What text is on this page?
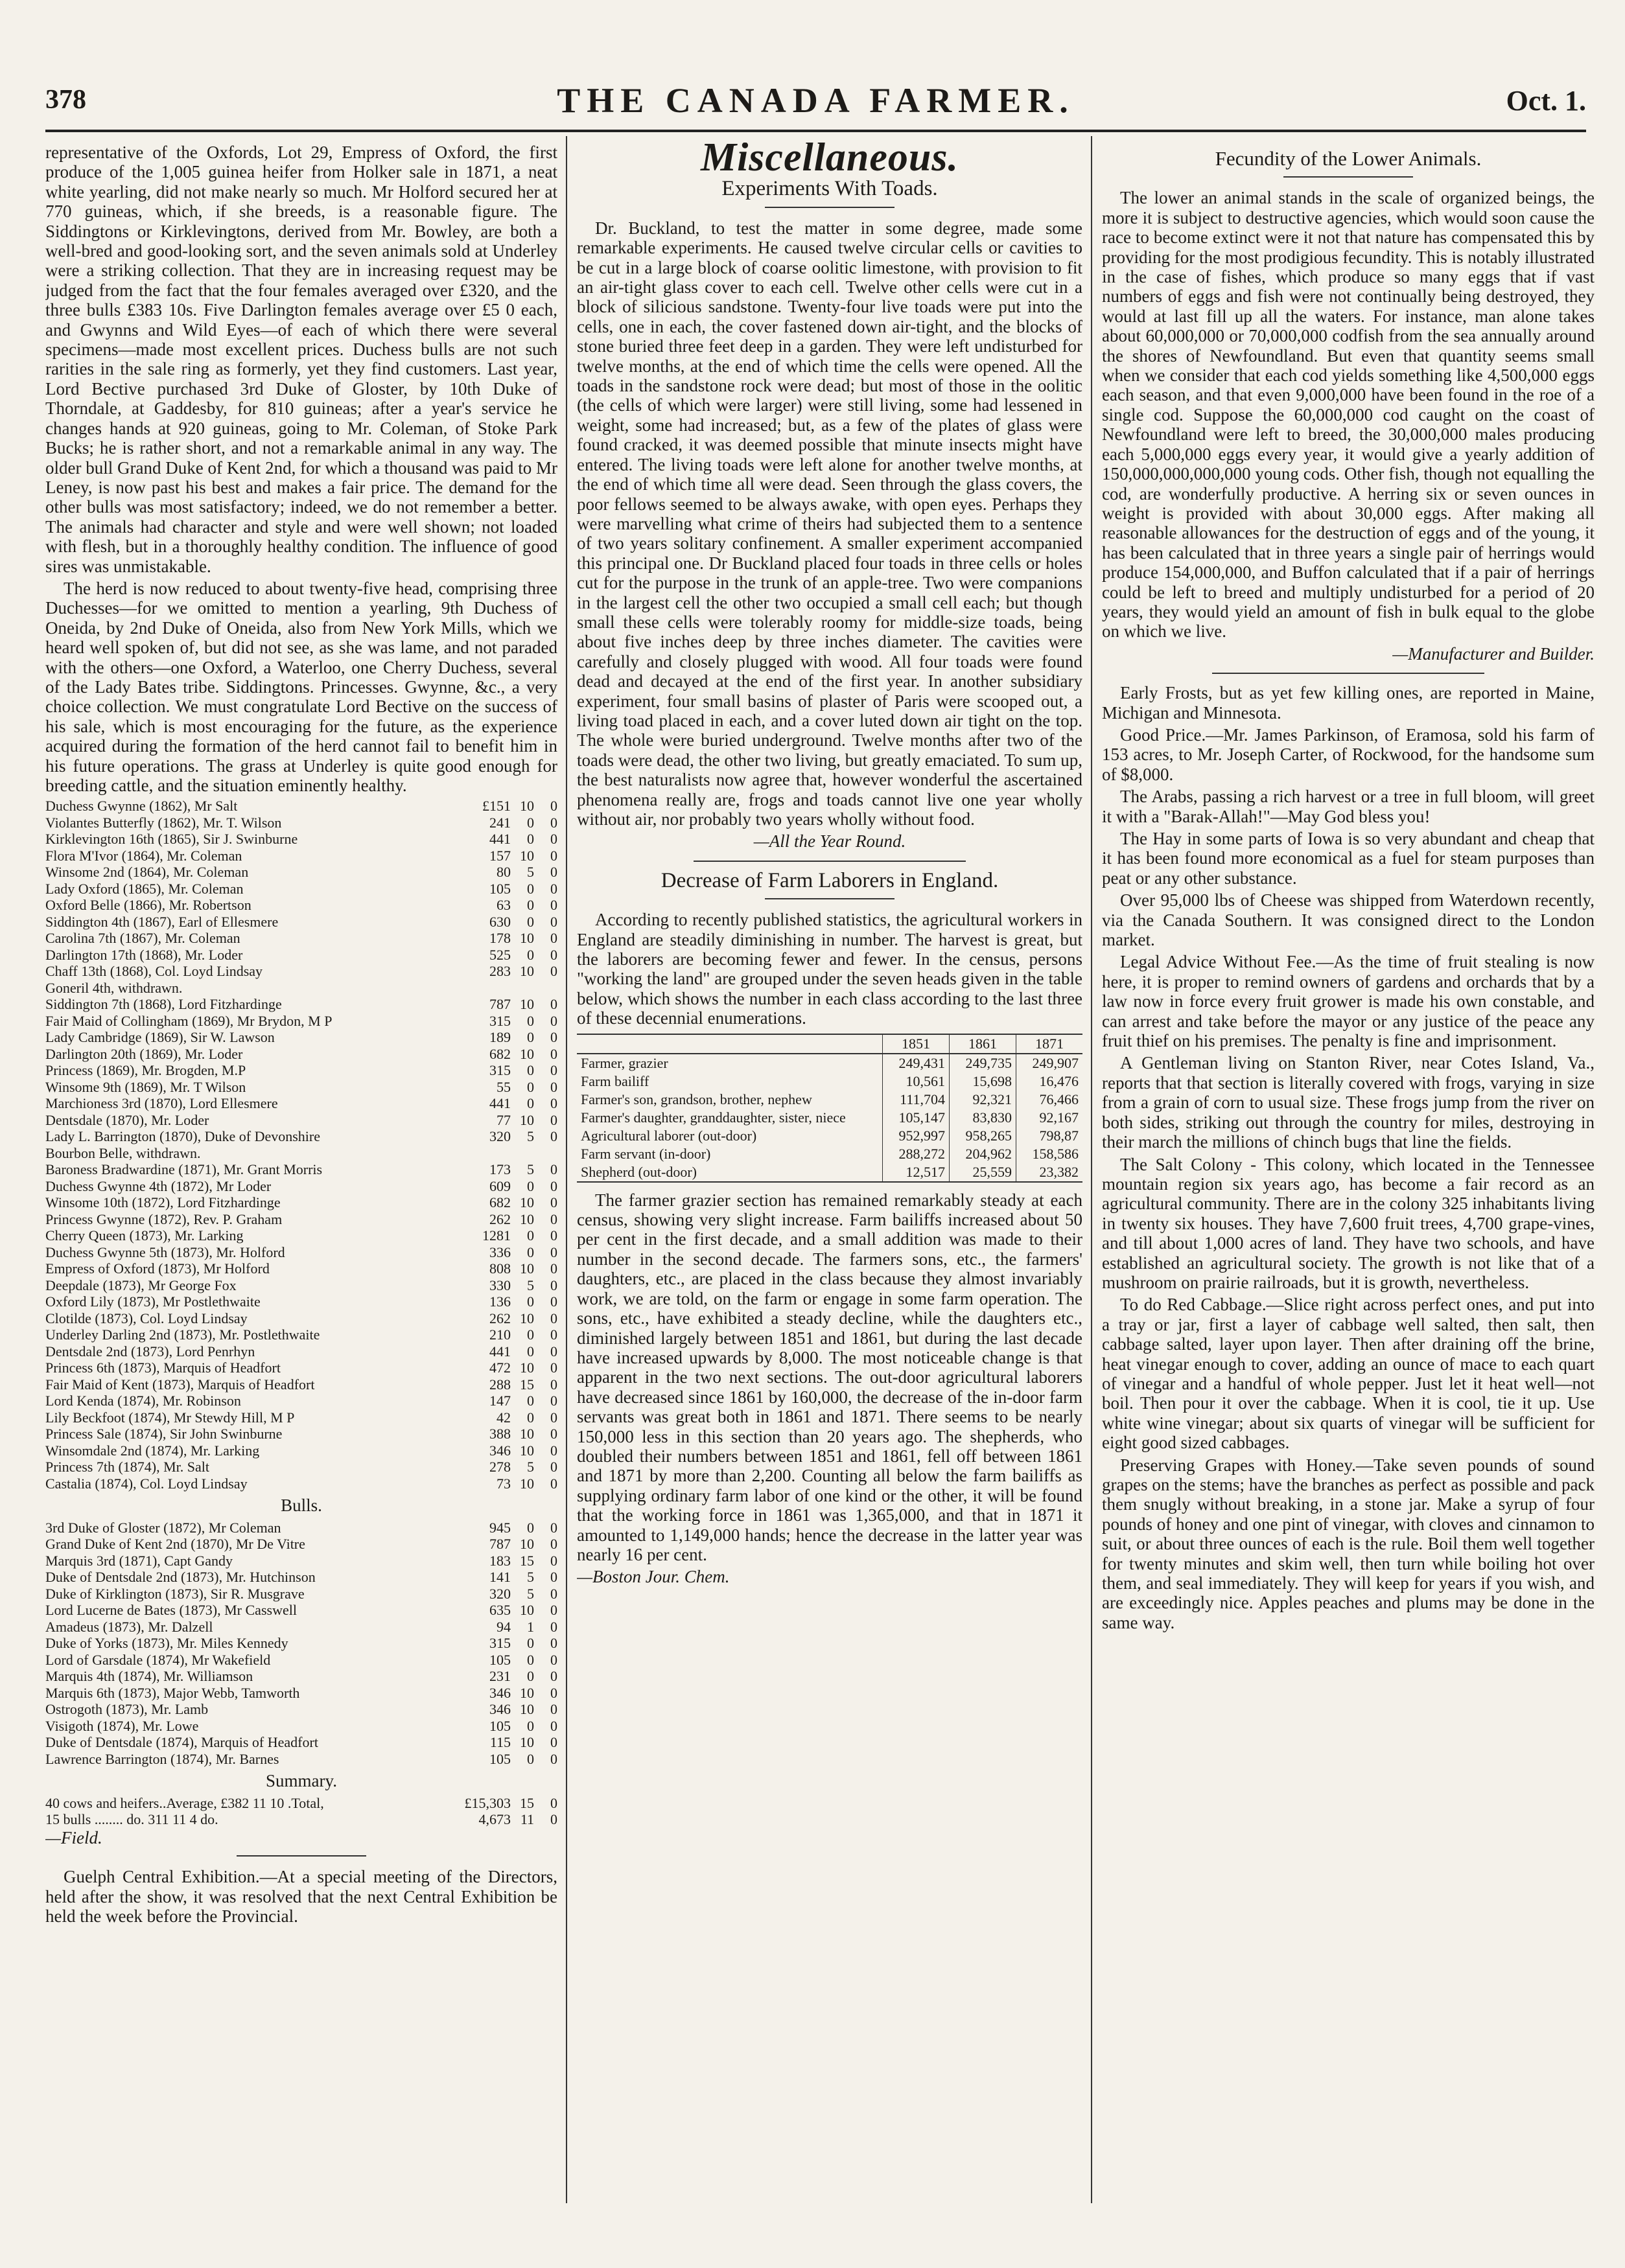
378	THE CANADA FARMER.	Oct. 1.

representative of the Oxfords, Lot 29, Empress of Oxford, the first produce of the 1,005 guinea heifer from Holker sale in 1871, a neat white yearling, did not make nearly so much. Mr Holford secured her at 770 guineas, which, if she breeds, is a reasonable figure. The Siddingtons or Kirklevingtons, derived from Mr. Bowley, are both a well-bred and good-looking sort, and the seven animals sold at Underley were a striking collection. That they are in increasing request may be judged from the fact that the four females averaged over £320, and the three bulls £383 10s. Five Darlington females average over £5 0 each, and Gwynns and Wild Eyes—of each of which there were several specimens—made most excellent prices. Duchess bulls are not such rarities in the sale ring as formerly, yet they find customers. Last year, Lord Bective purchased 3rd Duke of Gloster, by 10th Duke of Thorndale, at Gaddesby, for 810 guineas; after a year's service he changes hands at 920 guineas, going to Mr. Coleman, of Stoke Park Bucks; he is rather short, and not a remarkable animal in any way. The older bull Grand Duke of Kent 2nd, for which a thousand was paid to Mr Leney, is now past his best and makes a fair price. The demand for the other bulls was most satisfactory; indeed, we do not remember a better. The animals had character and style and were well shown; not loaded with flesh, but in a thoroughly healthy condition. The influence of good sires was unmistakable.

The herd is now reduced to about twenty-five head, comprising three Duchesses—for we omitted to mention a yearling, 9th Duchess of Oneida, by 2nd Duke of Oneida, also from New York Mills, which we heard well spoken of, but did not see, as she was lame, and not paraded with the others—one Oxford, a Waterloo, one Cherry Duchess, several of the Lady Bates tribe. Siddingtons. Princesses. Gwynne, &c., a very choice collection. We must congratulate Lord Bective on the success of his sale, which is most encouraging for the future, as the experience acquired during the formation of the herd cannot fail to benefit him in his future operations. The grass at Underley is quite good enough for breeding cattle, and the situation eminently healthy.

Duchess Gwynne (1862), Mr Salt	£151	10	0
Violantes Butterfly (1862), Mr. T. Wilson	241	0	0
Kirklevington 16th (1865), Sir J. Swinburne	441	0	0
Flora M'Ivor (1864), Mr. Coleman	157	10	0
Winsome 2nd (1864), Mr. Coleman	80	5	0
Lady Oxford (1865), Mr. Coleman	105	0	0
Oxford Belle (1866), Mr. Robertson	63	0	0
Siddington 4th (1867), Earl of Ellesmere	630	0	0
Carolina 7th (1867), Mr. Coleman	178	10	0
Darlington 17th (1868), Mr. Loder	525	0	0
Chaff 13th (1868), Col. Loyd Lindsay	283	10	0
Goneril 4th, withdrawn.			
Siddington 7th (1868), Lord Fitzhardinge	787	10	0
Fair Maid of Collingham (1869), Mr Brydon, M P	315	0	0
Lady Cambridge (1869), Sir W. Lawson	189	0	0
Darlington 20th (1869), Mr. Loder	682	10	0
Princess (1869), Mr. Brogden, M.P	315	0	0
Winsome 9th (1869), Mr. T Wilson	55	0	0
Marchioness 3rd (1870), Lord Ellesmere	441	0	0
Dentsdale (1870), Mr. Loder	77	10	0
Lady L. Barrington (1870), Duke of Devonshire	320	5	0
Bourbon Belle, withdrawn.			
Baroness Bradwardine (1871), Mr. Grant Morris	173	5	0
Duchess Gwynne 4th (1872), Mr Loder	609	0	0
Winsome 10th (1872), Lord Fitzhardinge	682	10	0
Princess Gwynne (1872), Rev. P. Graham	262	10	0
Cherry Queen (1873), Mr. Larking	1281	0	0
Duchess Gwynne 5th (1873), Mr. Holford	336	0	0
Empress of Oxford (1873), Mr Holford	808	10	0
Deepdale (1873), Mr George Fox	330	5	0
Oxford Lily (1873), Mr Postlethwaite	136	0	0
Clotilde (1873), Col. Loyd Lindsay	262	10	0
Underley Darling 2nd (1873), Mr. Postlethwaite	210	0	0
Dentsdale 2nd (1873), Lord Penrhyn	441	0	0
Princess 6th (1873), Marquis of Headfort	472	10	0
Fair Maid of Kent (1873), Marquis of Headfort	288	15	0
Lord Kenda (1874), Mr. Robinson	147	0	0
Lily Beckfoot (1874), Mr Stewdy Hill, M P	42	0	0
Princess Sale (1874), Sir John Swinburne	388	10	0
Winsomdale 2nd (1874), Mr. Larking	346	10	0
Princess 7th (1874), Mr. Salt	278	5	0
Castalia (1874), Col. Loyd Lindsay	73	10	0
Bulls.
3rd Duke of Gloster (1872), Mr Coleman	945	0	0
Grand Duke of Kent 2nd (1870), Mr De Vitre	787	10	0
Marquis 3rd (1871), Capt Gandy	183	15	0
Duke of Dentsdale 2nd (1873), Mr. Hutchinson	141	5	0
Duke of Kirklington (1873), Sir R. Musgrave	320	5	0
Lord Lucerne de Bates (1873), Mr Casswell	635	10	0
Amadeus (1873), Mr. Dalzell	94	1	0
Duke of Yorks (1873), Mr. Miles Kennedy	315	0	0
Lord of Garsdale (1874), Mr Wakefield	105	0	0
Marquis 4th (1874), Mr. Williamson	231	0	0
Marquis 6th (1873), Major Webb, Tamworth	346	10	0
Ostrogoth (1873), Mr. Lamb	346	10	0
Visigoth (1874), Mr. Lowe	105	0	0
Duke of Dentsdale (1874), Marquis of Headfort	115	10	0
Lawrence Barrington (1874), Mr. Barnes	105	0	0
Summary.
40 cows and heifers..Average, £382 11 10 .Total,	£15,303	15	0
15 bulls ........ do. 311 11 4 do.	4,673	11	0

—Field.

Guelph Central Exhibition.—At a special meeting of the Directors, held after the show, it was resolved that the next Central Exhibition be held the week before the Provincial.

Miscellaneous.
Experiments With Toads.

Dr. Buckland, to test the matter in some degree, made some remarkable experiments. He caused twelve circular cells or cavities to be cut in a large block of coarse oolitic limestone, with provision to fit an air-tight glass cover to each cell. Twelve other cells were cut in a block of silicious sandstone. Twenty-four live toads were put into the cells, one in each, the cover fastened down air-tight, and the blocks of stone buried three feet deep in a garden. They were left undisturbed for twelve months, at the end of which time the cells were opened. All the toads in the sandstone rock were dead; but most of those in the oolitic (the cells of which were larger) were still living, some had lessened in weight, some had increased; but, as a few of the plates of glass were found cracked, it was deemed possible that minute insects might have entered. The living toads were left alone for another twelve months, at the end of which time all were dead. Seen through the glass covers, the poor fellows seemed to be always awake, with open eyes. Perhaps they were marvelling what crime of theirs had subjected them to a sentence of two years solitary confinement. A smaller experiment accompanied this principal one. Dr Buckland placed four toads in three cells or holes cut for the purpose in the trunk of an apple-tree. Two were companions in the largest cell the other two occupied a small cell each; but though small these cells were tolerably roomy for middle-size toads, being about five inches deep by three inches diameter. The cavities were carefully and closely plugged with wood. All four toads were found dead and decayed at the end of the first year. In another subsidiary experiment, four small basins of plaster of Paris were scooped out, a living toad placed in each, and a cover luted down air tight on the top. The whole were buried underground. Twelve months after two of the toads were dead, the other two living, but greatly emaciated. To sum up, the best naturalists now agree that, however wonderful the ascertained phenomena really are, frogs and toads cannot live one year wholly without air, nor probably two years wholly without food.

—All the Year Round.

Decrease of Farm Laborers in England.

According to recently published statistics, the agricultural workers in England are steadily diminishing in number. The harvest is great, but the laborers are becoming fewer and fewer. In the census, persons "working the land" are grouped under the seven heads given in the table below, which shows the number in each class according to the last three of these decennial enumerations.

	1851	1861	1871
Farmer, grazier	249,431	249,735	249,907
Farm bailiff	10,561	15,698	16,476
Farmer's son, grandson, brother, nephew	111,704	92,321	76,466
Farmer's daughter, granddaughter, sister, niece	105,147	83,830	92,167
Agricultural laborer (out-door)	952,997	958,265	798,87
Farm servant (in-door)	288,272	204,962	158,586
Shepherd (out-door)	12,517	25,559	23,382

The farmer grazier section has remained remarkably steady at each census, showing very slight increase. Farm bailiffs increased about 50 per cent in the first decade, and a small addition was made to their number in the second decade. The farmers sons, etc., the farmers' daughters, etc., are placed in the class because they almost invariably work, we are told, on the farm or engage in some farm operation. The sons, etc., have exhibited a steady decline, while the daughters etc., diminished largely between 1851 and 1861, but during the last decade have increased upwards by 8,000. The most noticeable change is that apparent in the two next sections. The out-door agricultural laborers have decreased since 1861 by 160,000, the decrease of the in-door farm servants was great both in 1861 and 1871. There seems to be nearly 150,000 less in this section than 20 years ago. The shepherds, who doubled their numbers between 1851 and 1861, fell off between 1861 and 1871 by more than 2,200. Counting all below the farm bailiffs as supplying ordinary farm labor of one kind or the other, it will be found that the working force in 1861 was 1,365,000, and that in 1871 it amounted to 1,149,000 hands; hence the decrease in the latter year was nearly 16 per cent.

—Boston Jour. Chem.

Fecundity of the Lower Animals.

The lower an animal stands in the scale of organized beings, the more it is subject to destructive agencies, which would soon cause the race to become extinct were it not that nature has compensated this by providing for the most prodigious fecundity. This is notably illustrated in the case of fishes, which produce so many eggs that if vast numbers of eggs and fish were not continually being destroyed, they would at last fill up all the waters. For instance, man alone takes about 60,000,000 or 70,000,000 codfish from the sea annually around the shores of Newfoundland. But even that quantity seems small when we consider that each cod yields something like 4,500,000 eggs each season, and that even 9,000,000 have been found in the roe of a single cod. Suppose the 60,000,000 cod caught on the coast of Newfoundland were left to breed, the 30,000,000 males producing each 5,000,000 eggs every year, it would give a yearly addition of 150,000,000,000,000 young cods. Other fish, though not equalling the cod, are wonderfully productive. A herring six or seven ounces in weight is provided with about 30,000 eggs. After making all reasonable allowances for the destruction of eggs and of the young, it has been calculated that in three years a single pair of herrings would produce 154,000,000, and Buffon calculated that if a pair of herrings could be left to breed and multiply undisturbed for a period of 20 years, they would yield an amount of fish in bulk equal to the globe on which we live.

—Manufacturer and Builder.

Early Frosts, but as yet few killing ones, are reported in Maine, Michigan and Minnesota.

Good Price.—Mr. James Parkinson, of Eramosa, sold his farm of 153 acres, to Mr. Joseph Carter, of Rockwood, for the handsome sum of $8,000.

The Arabs, passing a rich harvest or a tree in full bloom, will greet it with a "Barak-Allah!"—May God bless you!

The Hay in some parts of Iowa is so very abundant and cheap that it has been found more economical as a fuel for steam purposes than peat or any other substance.

Over 95,000 lbs of Cheese was shipped from Waterdown recently, via the Canada Southern. It was consigned direct to the London market.

Legal Advice Without Fee.—As the time of fruit stealing is now here, it is proper to remind owners of gardens and orchards that by a law now in force every fruit grower is made his own constable, and can arrest and take before the mayor or any justice of the peace any fruit thief on his premises. The penalty is fine and imprisonment.

A Gentleman living on Stanton River, near Cotes Island, Va., reports that that section is literally covered with frogs, varying in size from a grain of corn to usual size. These frogs jump from the river on both sides, striking out through the country for miles, destroying in their march the millions of chinch bugs that line the fields.

The Salt Colony - This colony, which located in the Tennessee mountain region six years ago, has become a fair record as an agricultural community. There are in the colony 325 inhabitants living in twenty six houses. They have 7,600 fruit trees, 4,700 grape-vines, and till about 1,000 acres of land. They have two schools, and have established an agricultural society. The growth is not like that of a mushroom on prairie railroads, but it is growth, nevertheless.

To do Red Cabbage.—Slice right across perfect ones, and put into a tray or jar, first a layer of cabbage well salted, then salt, then cabbage salted, layer upon layer. Then after draining off the brine, heat vinegar enough to cover, adding an ounce of mace to each quart of vinegar and a handful of whole pepper. Just let it heat well—not boil. Then pour it over the cabbage. When it is cool, tie it up. Use white wine vinegar; about six quarts of vinegar will be sufficient for eight good sized cabbages.

Preserving Grapes with Honey.—Take seven pounds of sound grapes on the stems; have the branches as perfect as possible and pack them snugly without breaking, in a stone jar. Make a syrup of four pounds of honey and one pint of vinegar, with cloves and cinnamon to suit, or about three ounces of each is the rule. Boil them well together for twenty minutes and skim well, then turn while boiling hot over them, and seal immediately. They will keep for years if you wish, and are exceedingly nice. Apples peaches and plums may be done in the same way.
